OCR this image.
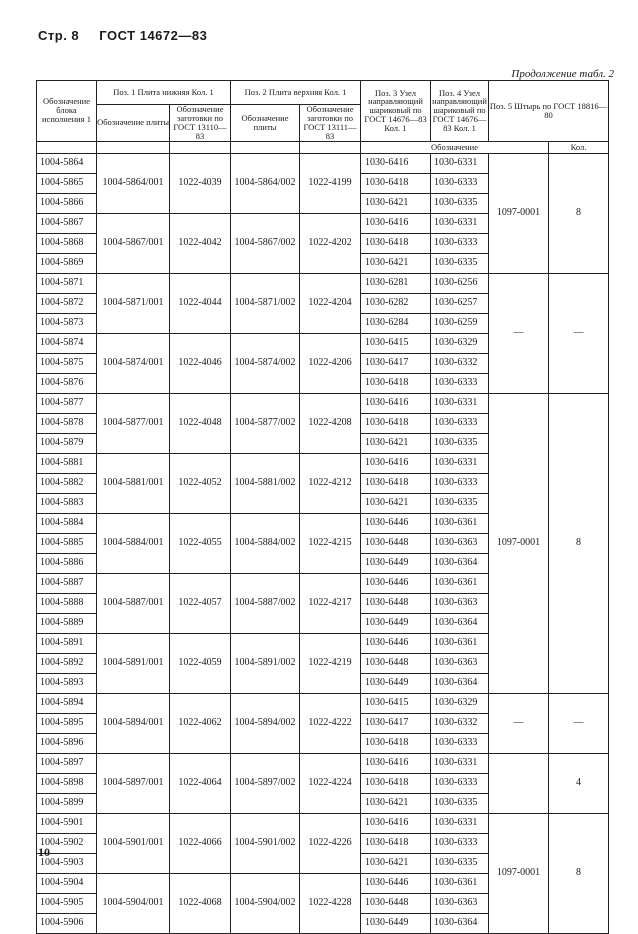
Стр. 8 ГОСТ 14672—83
Продолжение табл. 2
Обозначение блока исполнения 1	Поз. 1 Плита нижняя Кол. 1		Поз. 2 Плита верхняя Кол. 1		Поз. 3 Узел направляющий шариковый по ГОСТ 14676—83 Кол. 1	Поз. 4 Узел направляющий шариковый по ГОСТ 14676—83 Кол. 1	Поз. 5 Штырь по ГОСТ 18816—80	
	Обозначение плиты	Обозначение заготовки по ГОСТ 13110—83	Обозначение плиты	Обозначение заготовки по ГОСТ 13111—83				
					Обозначение			Кол.
1004-5864	1004-5864/001	1022-4039	1004-5864/002	1022-4199	1030-6416	1030-6331	1097-0001	8
1004-5865					1030-6418	1030-6333		
1004-5866					1030-6421	1030-6335		
1004-5867	1004-5867/001	1022-4042	1004-5867/002	1022-4202	1030-6416	1030-6331		
1004-5868					1030-6418	1030-6333		
1004-5869					1030-6421	1030-6335		
1004-5871	1004-5871/001	1022-4044	1004-5871/002	1022-4204	1030-6281	1030-6256	—	—
1004-5872					1030-6282	1030-6257		
1004-5873					1030-6284	1030-6259		
1004-5874	1004-5874/001	1022-4046	1004-5874/002	1022-4206	1030-6415	1030-6329		
1004-5875					1030-6417	1030-6332		
1004-5876					1030-6418	1030-6333		
1004-5877	1004-5877/001	1022-4048	1004-5877/002	1022-4208	1030-6416	1030-6331	1097-0001	8
1004-5878					1030-6418	1030-6333		
1004-5879					1030-6421	1030-6335		
1004-5881	1004-5881/001	1022-4052	1004-5881/002	1022-4212	1030-6416	1030-6331		
1004-5882					1030-6418	1030-6333		
1004-5883					1030-6421	1030-6335		
1004-5884	1004-5884/001	1022-4055	1004-5884/002	1022-4215	1030-6446	1030-6361		
1004-5885					1030-6448	1030-6363		
1004-5886					1030-6449	1030-6364		
1004-5887	1004-5887/001	1022-4057	1004-5887/002	1022-4217	1030-6446	1030-6361		
1004-5888					1030-6448	1030-6363		
1004-5889					1030-6449	1030-6364		
1004-5891	1004-5891/001	1022-4059	1004-5891/002	1022-4219	1030-6446	1030-6361		
1004-5892					1030-6448	1030-6363		
1004-5893					1030-6449	1030-6364		
1004-5894	1004-5894/001	1022-4062	1004-5894/002	1022-4222	1030-6415	1030-6329	—	—
1004-5895					1030-6417	1030-6332		
1004-5896					1030-6418	1030-6333		
1004-5897	1004-5897/001	1022-4064	1004-5897/002	1022-4224	1030-6416	1030-6331		4
1004-5898					1030-6418	1030-6333		
1004-5899					1030-6421	1030-6335		
1004-5901	1004-5901/001	1022-4066	1004-5901/002	1022-4226	1030-6416	1030-6331	1097-0001	8
1004-5902					1030-6418	1030-6333		
1004-5903					1030-6421	1030-6335		
1004-5904	1004-5904/001	1022-4068	1004-5904/002	1022-4228	1030-6446	1030-6361		
1004-5905					1030-6448	1030-6363		
1004-5906					1030-6449	1030-6364		
10
